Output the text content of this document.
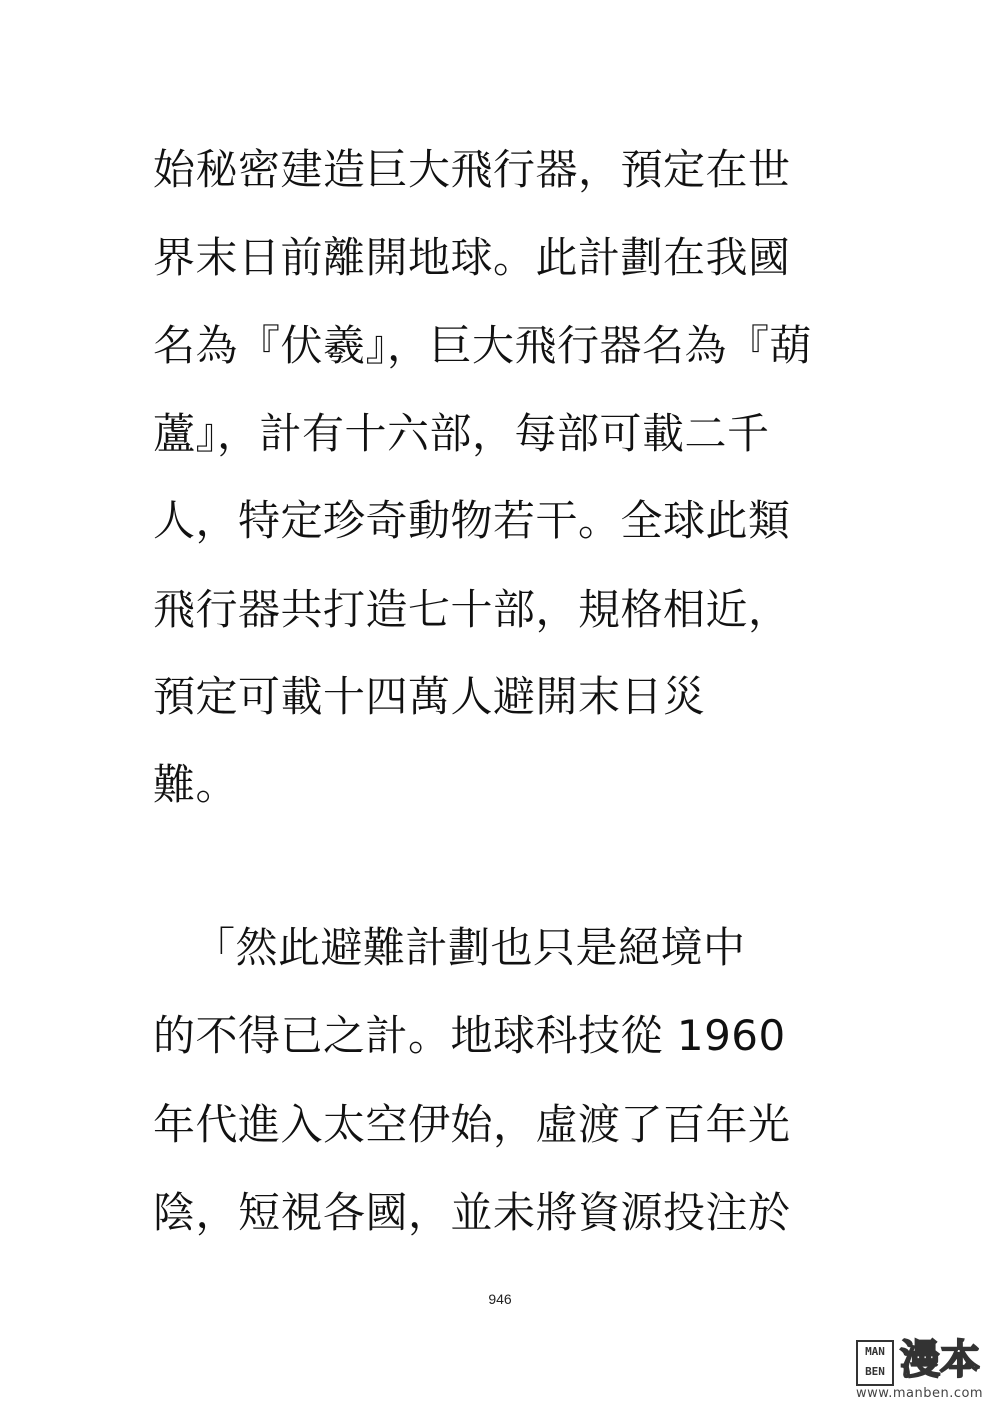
始秘密建造巨大飛行器，預定在世
界末日前離開地球。此計劃在我國
名為『伏羲』，巨大飛行器名為『葫
蘆』，計有十六部，每部可載二千
人，特定珍奇動物若干。全球此類
飛行器共打造七十部，規格相近，
預定可載十四萬人避開末日災
難。
「然此避難計劃也只是絕境中
的不得已之計。地球科技從 1960
年代進入太空伊始，虛渡了百年光
陰，短視各國，並未將資源投注於
946
MAN BEN 漫本
www.manben.com
